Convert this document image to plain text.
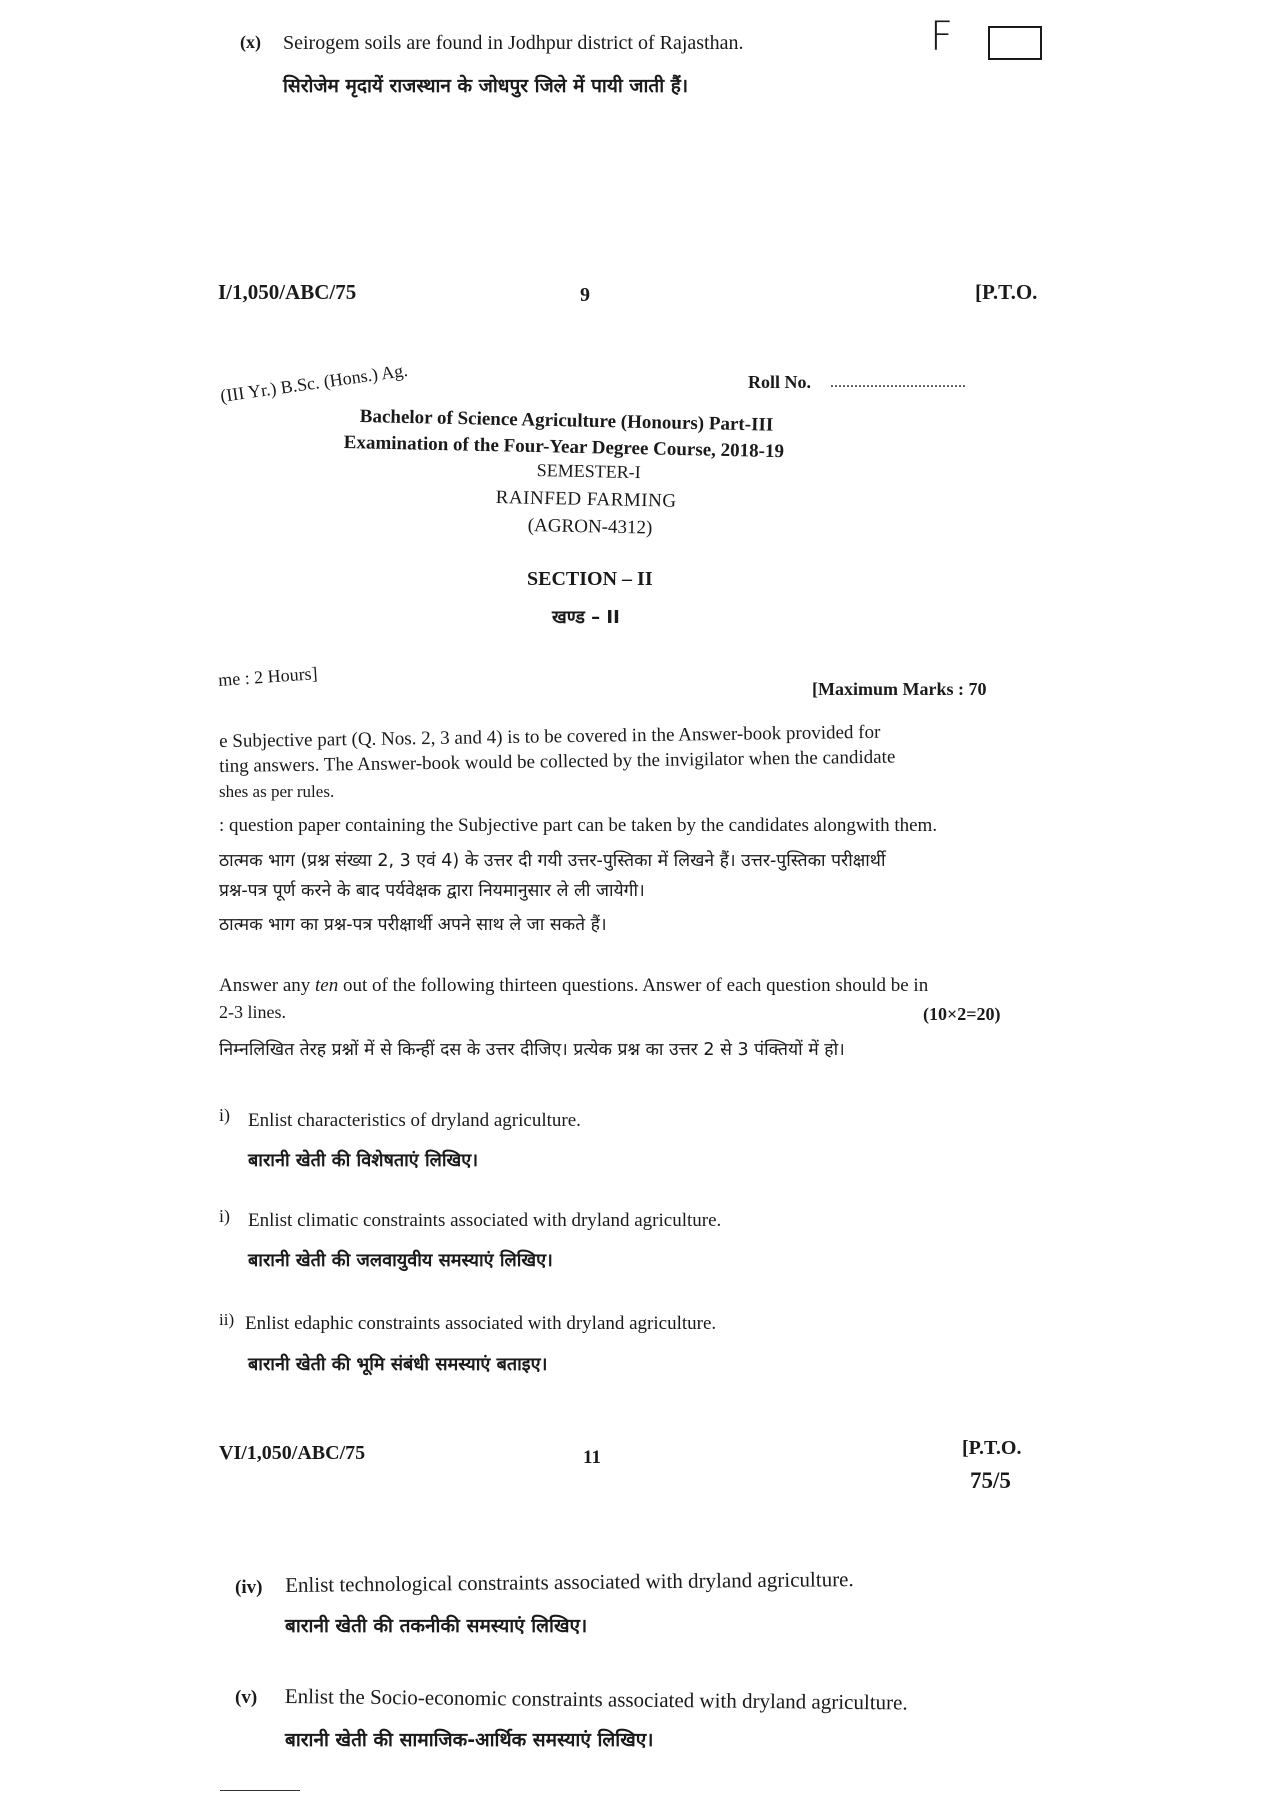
(x) Seirogem soils are found in Jodhpur district of Rajasthan.
सिरोजेम मृदायें राजस्थान के जोधपुर जिले में पायी जाती हैं।
F
I/1,050/ABC/75	9	[P.T.O.
(III Yr.) B.Sc. (Hons.) Ag.	Roll No. ..................................
Bachelor of Science Agriculture (Honours) Part-III
Examination of the Four-Year Degree Course, 2018-19
SEMESTER-I
RAINFED FARMING
(AGRON-4312)
SECTION – II
खण्ड – II
me : 2 Hours]	[Maximum Marks : 70
e Subjective part (Q. Nos. 2, 3 and 4) is to be covered in the Answer-book provided for
ting answers. The Answer-book would be collected by the invigilator when the candidate
shes as per rules.
: question paper containing the Subjective part can be taken by the candidates alongwith them.
ठात्मक भाग (प्रश्न संख्या 2, 3 एवं 4) के उत्तर दी गयी उत्तर-पुस्तिका में लिखने हैं। उत्तर-पुस्तिका परीक्षार्थी
प्रश्न-पत्र पूर्ण करने के बाद पर्यवेक्षक द्वारा नियमानुसार ले ली जायेगी।
ठात्मक भाग का प्रश्न-पत्र परीक्षार्थी अपने साथ ले जा सकते हैं।
Answer any ten out of the following thirteen questions. Answer of each question should be in
2-3 lines.	(10×2=20)
निम्नलिखित तेरह प्रश्नों में से किन्हीं दस के उत्तर दीजिए। प्रत्येक प्रश्न का उत्तर 2 से 3 पंक्तियों में हो।
i) Enlist characteristics of dryland agriculture.
बारानी खेती की विशेषताएं लिखिए।
i) Enlist climatic constraints associated with dryland agriculture.
बारानी खेती की जलवायुवीय समस्याएं लिखिए।
ii) Enlist edaphic constraints associated with dryland agriculture.
बारानी खेती की भूमि संबंधी समस्याएं बताइए।
VI/1,050/ABC/75	11	[P.T.O.
75/5
(iv) Enlist technological constraints associated with dryland agriculture.
बारानी खेती की तकनीकी समस्याएं लिखिए।
(v) Enlist the Socio-economic constraints associated with dryland agriculture.
बारानी खेती की सामाजिक-आर्थिक समस्याएं लिखिए।
